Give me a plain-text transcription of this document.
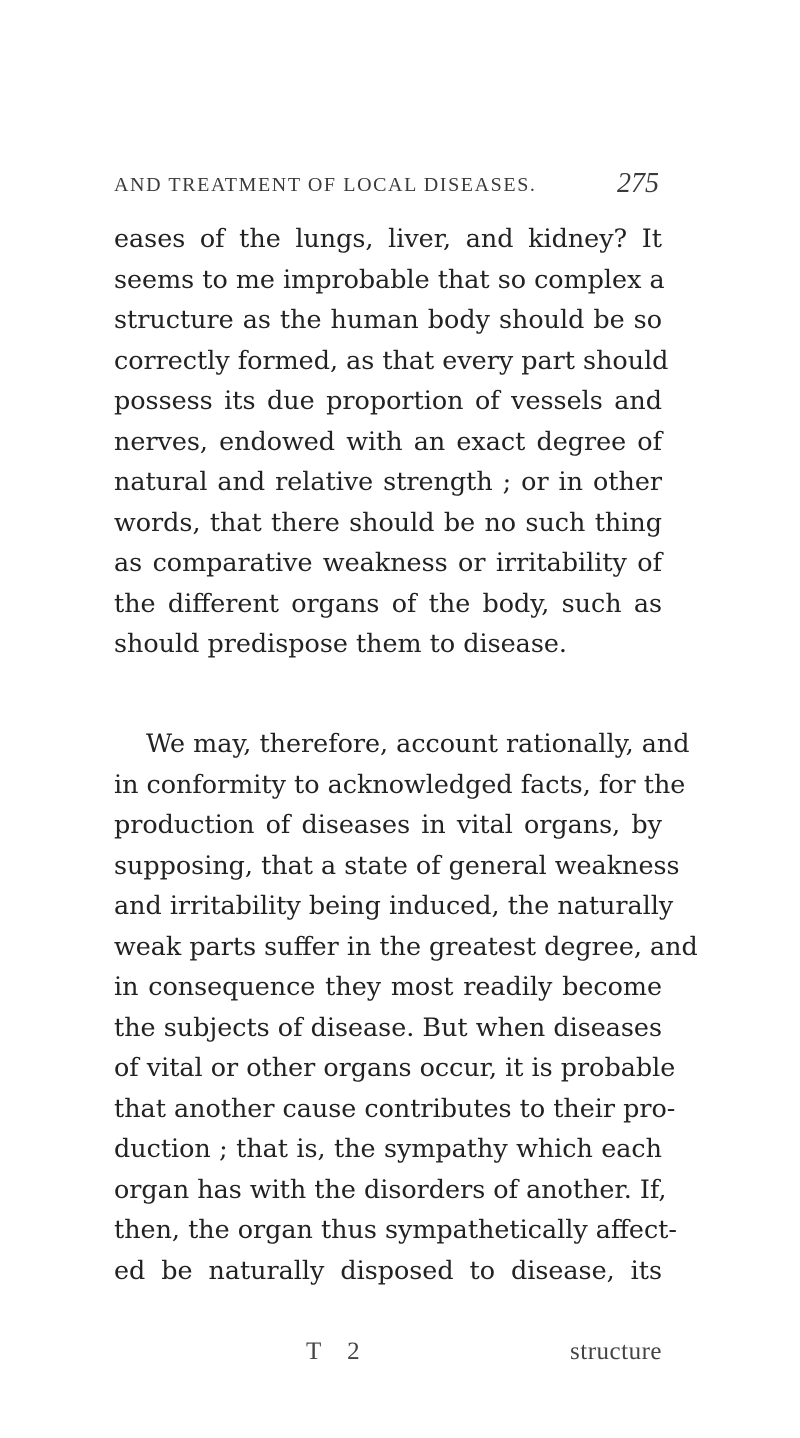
AND TREATMENT OF LOCAL DISEASES.	275
eases of the lungs, liver, and kidney? It
seems to me improbable that so complex a
structure as the human body should be so
correctly formed, as that every part should
possess its due proportion of vessels and
nerves, endowed with an exact degree of
natural and relative strength ; or in other
words, that there should be no such thing
as comparative weakness or irritability of
the different organs of the body, such as
should predispose them to disease.
We may, therefore, account rationally, and
in conformity to acknowledged facts, for the
production of diseases in vital organs, by
supposing, that a state of general weakness
and irritability being induced, the naturally
weak parts suffer in the greatest degree, and
in consequence they most readily become
the subjects of disease. But when diseases
of vital or other organs occur, it is probable
that another cause contributes to their pro-
duction ; that is, the sympathy which each
organ has with the disorders of another. If,
then, the organ thus sympathetically affect-
ed be naturally disposed to disease, its
T 2	structure
